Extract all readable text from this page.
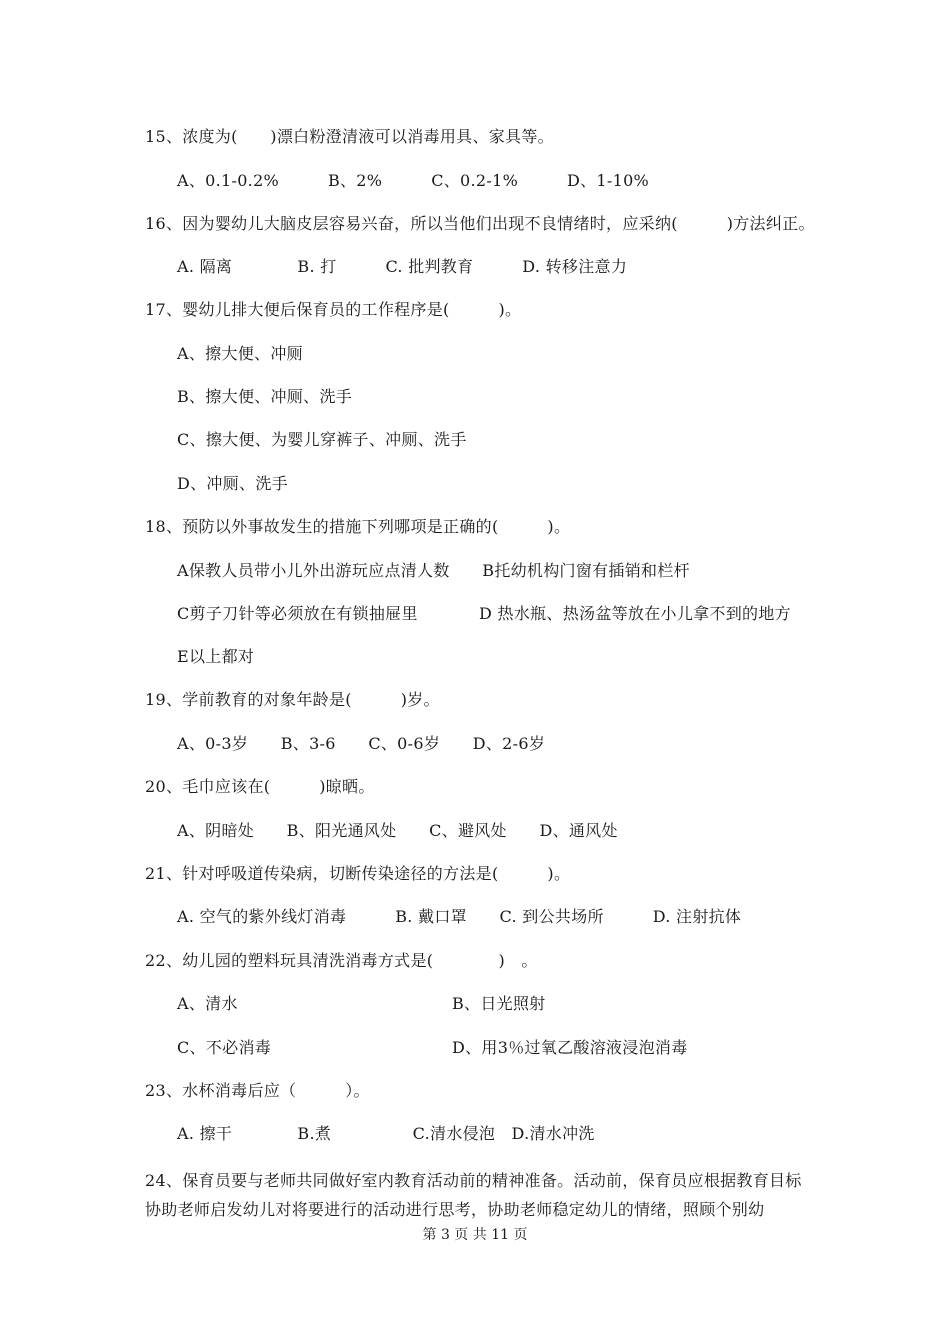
15、浓度为(　　)漂白粉澄清液可以消毒用具、家具等。
A、0.1-0.2%　　　B、2%　　　C、0.2-1%　　　D、1-10%
16、因为婴幼儿大脑皮层容易兴奋，所以当他们出现不良情绪时，应采纳(　　　)方法纠正。
A. 隔离　　　　B. 打　　　C. 批判教育　　　D. 转移注意力
17、婴幼儿排大便后保育员的工作程序是(　　　)。
A、擦大便、冲厕
B、擦大便、冲厕、洗手
C、擦大便、为婴儿穿裤子、冲厕、洗手
D、冲厕、洗手
18、预防以外事故发生的措施下列哪项是正确的(　　　)。
A保教人员带小儿外出游玩应点清人数　　B托幼机构门窗有插销和栏杆
C剪子刀针等必须放在有锁抽屉里	D 热水瓶、热汤盆等放在小儿拿不到的地方
E以上都对
19、学前教育的对象年龄是(　　　)岁。
A、0-3岁　　B、3-6　　C、0-6岁　　D、2-6岁
20、毛巾应该在(　　　)晾晒。
A、阴暗处　　B、阳光通风处　　C、避风处　　D、通风处
21、针对呼吸道传染病，切断传染途径的方法是(　　　)。
A. 空气的紫外线灯消毒　　　B. 戴口罩　　C. 到公共场所　　　D. 注射抗体
22、幼儿园的塑料玩具清洗消毒方式是(　　　　)　。
A、清水	B、日光照射
C、不必消毒	D、用3％过氧乙酸溶液浸泡消毒
23、水杯消毒后应（　　　）。
A. 擦干　　　　B.煮　　　　　C.清水侵泡　D.清水冲洗
24、保育员要与老师共同做好室内教育活动前的精神准备。活动前，保育员应根据教育目标协助老师启发幼儿对将要进行的活动进行思考，协助老师稳定幼儿的情绪，照顾个别幼
第 3 页 共 11 页
